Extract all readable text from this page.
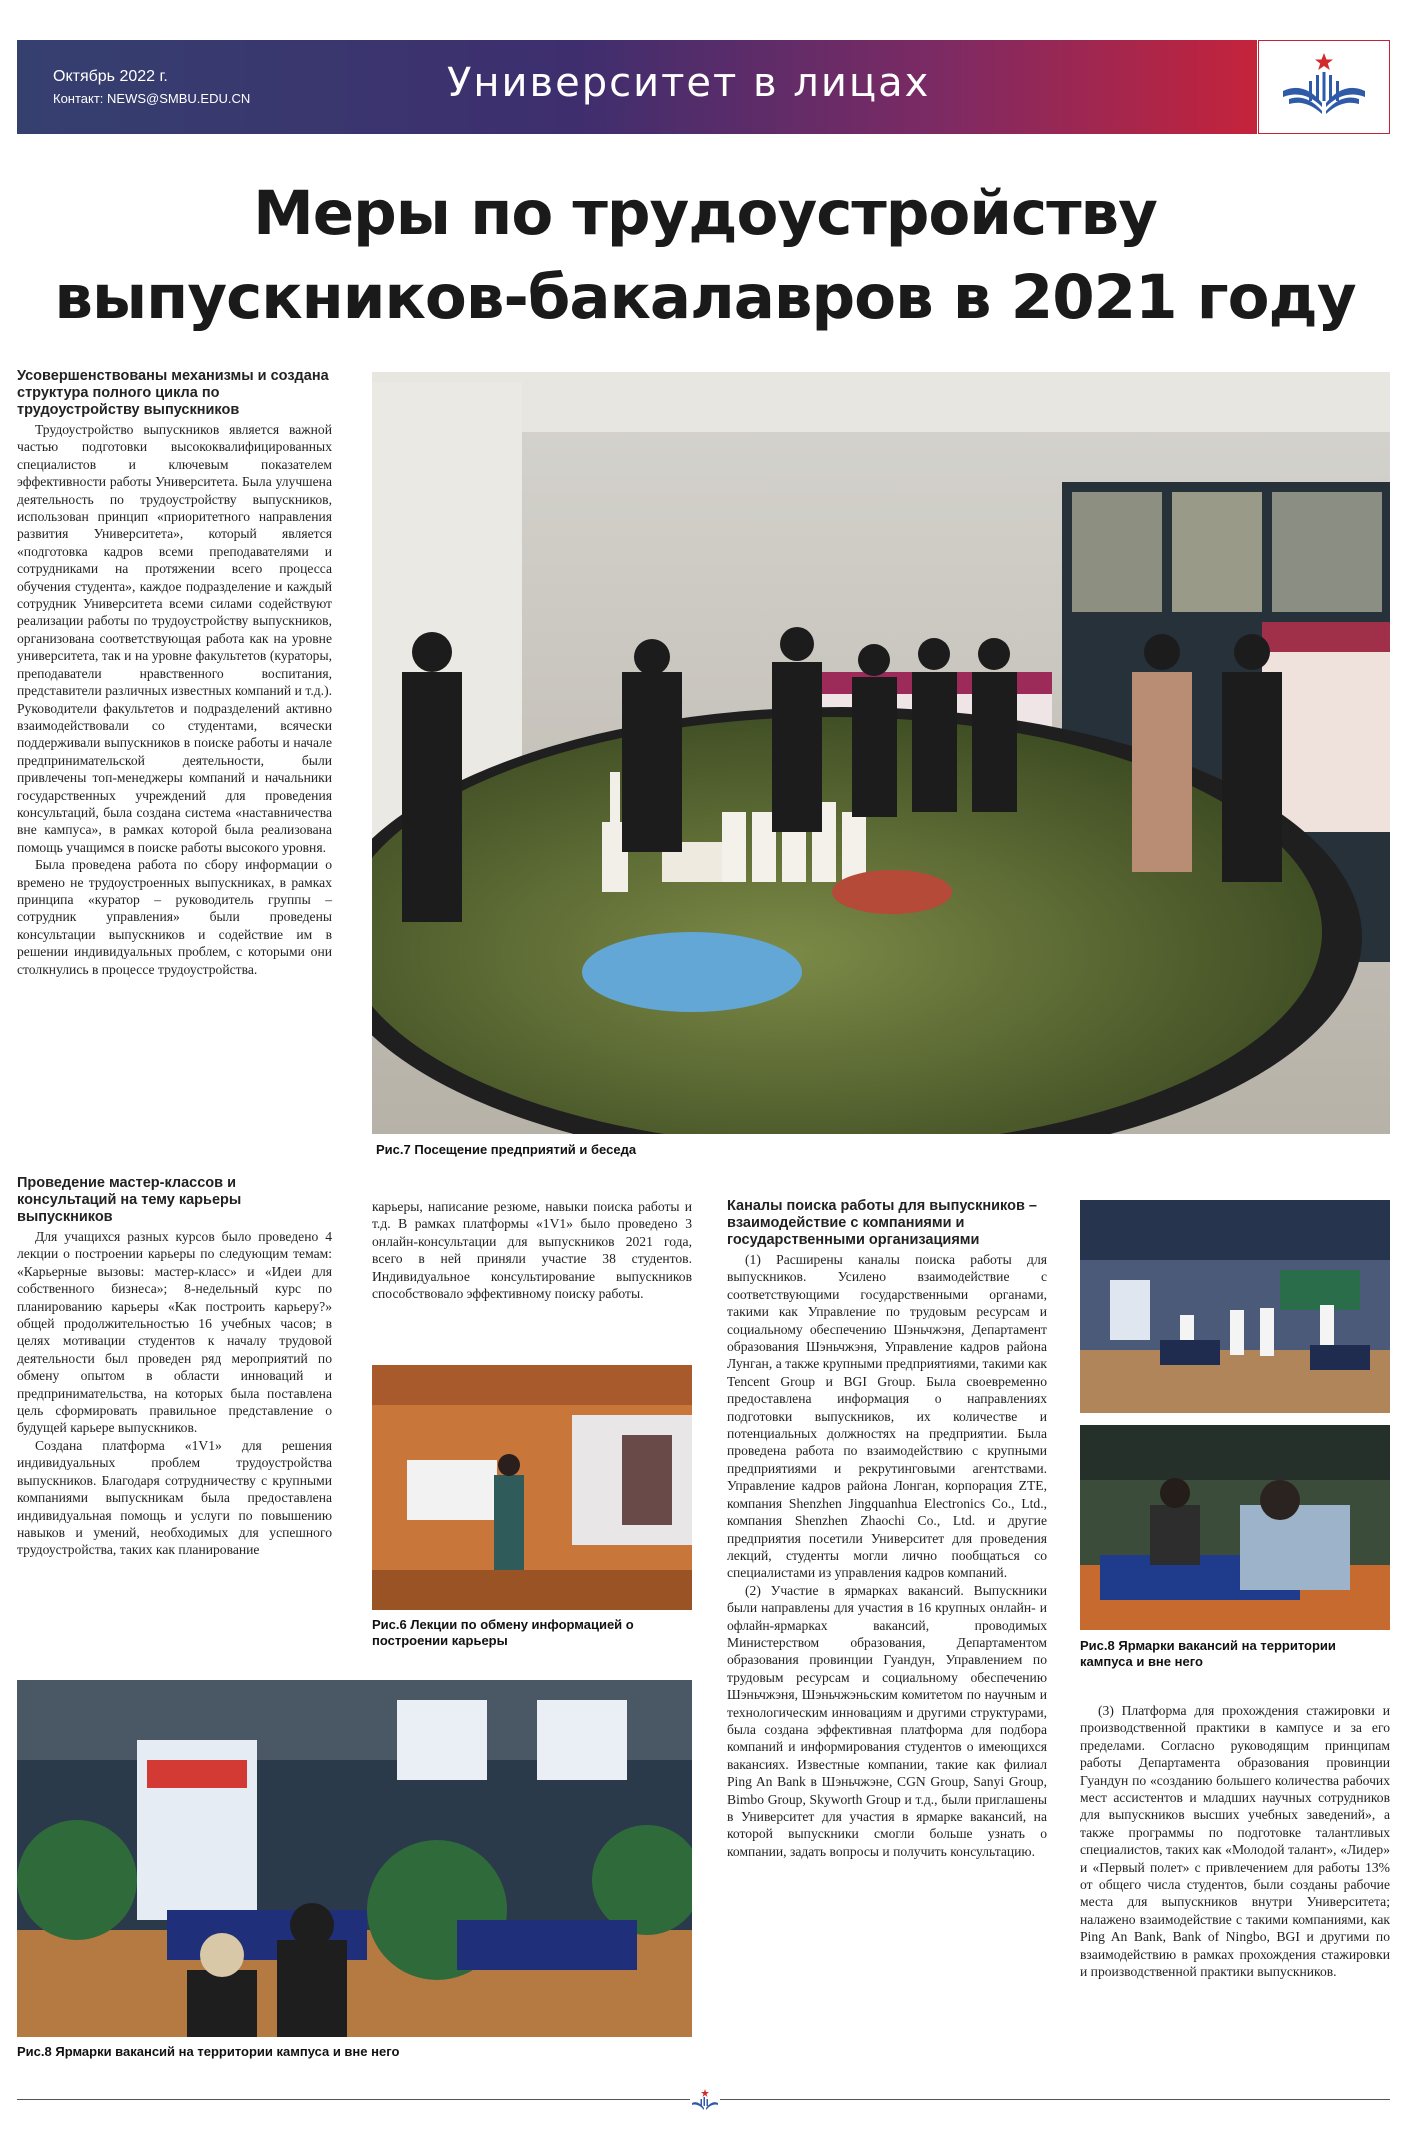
Октябрь 2022 г.
Контакт: NEWS@SMBU.EDU.CN	Университет в лицах
Меры по трудоустройству
выпускников-бакалавров в 2021 году
Усовершенствованы механизмы и создана структура полного цикла по трудоустройству выпускников

Трудоустройство выпускников является важной частью подготовки высококвалифицированных специалистов и ключевым показателем эффективности работы Университета. Была улучшена деятельность по трудоустройству выпускников, использован принцип «приоритетного направления развития Университета», который является «подготовка кадров всеми преподавателями и сотрудниками на протяжении всего процесса обучения студента», каждое подразделение и каждый сотрудник Университета всеми силами содействуют реализации работы по трудоустройству выпускников, организована соответствующая работа как на уровне университета, так и на уровне факультетов (кураторы, преподаватели нравственного воспитания, представители различных известных компаний и т.д.). Руководители факультетов и подразделений активно взаимодействовали со студентами, всячески поддерживали выпускников в поиске работы и начале предпринимательской деятельности, были привлечены топ-менеджеры компаний и начальники государственных учреждений для проведения консультаций, была создана система «наставничества вне кампуса», в рамках которой была реализована помощь учащимся в поиске работы высокого уровня.

Была проведена работа по сбору информации о времено не трудоустроенных выпускниках, в рамках принципа «куратор – руководитель группы – сотрудник управления» были проведены консультации выпускников и содействие им в решении индивидуальных проблем, с которыми они столкнулись в процессе трудоустройства.

Рис.7 Посещение предприятий и беседа
Проведение мастер-классов и консультаций на тему карьеры выпускников

Для учащихся разных курсов было проведено 4 лекции о построении карьеры по следующим темам: «Карьерные вызовы: мастер-класс» и «Идеи для собственного бизнеса»; 8-недельный курс по планированию карьеры «Как построить карьеру?» общей продолжительностью 16 учебных часов; в целях мотивации студентов к началу трудовой деятельности был проведен ряд мероприятий по обмену опытом в области инноваций и предпринимательства, на которых была поставлена цель сформировать правильное представление о будущей карьере выпускников.

Создана платформа «1V1» для решения индивидуальных проблем трудоустройства выпускников. Благодаря сотрудничеству с крупными компаниями выпускникам была предоставлена индивидуальная помощь и услуги по повышению навыков и умений, необходимых для успешного трудоустройства, таких как планирование

карьеры, написание резюме, навыки поиска работы и т.д. В рамках платформы «1V1» было проведено 3 онлайн-консультации для выпускников 2021 года, всего в ней приняли участие 38 студентов. Индивидуальное консультирование выпускников способствовало эффективному поиску работы.

Рис.6 Лекции по обмену информацией о построении карьеры
Каналы поиска работы для выпускников – взаимодействие с компаниями и государственными организациями

(1) Расширены каналы поиска работы для выпускников. Усилено взаимодействие с соответствующими государственными органами, такими как Управление по трудовым ресурсам и социальному обеспечению Шэньчжэня, Департамент образования Шэньчжэня, Управление кадров района Лунган, а также крупными предприятиями, такими как Tencent Group и BGI Group. Была своевременно предоставлена информация о направлениях подготовки выпускников, их количестве и потенциальных должностях на предприятии. Была проведена работа по взаимодействию с крупными предприятиями и рекрутинговыми агентствами. Управление кадров района Лонган, корпорация ZTE, компания Shenzhen Jingquanhua Electronics Co., Ltd., компания Shenzhen Zhaochi Co., Ltd. и другие предприятия посетили Университет для проведения лекций, студенты могли лично пообщаться со специалистами из управления кадров компаний.

(2) Участие в ярмарках вакансий. Выпускники были направлены для участия в 16 крупных онлайн- и офлайн-ярмарках вакансий, проводимых Министерством образования, Департаментом образования провинции Гуандун, Управлением по трудовым ресурсам и социальному обеспечению Шэньчжэня, Шэньчжэньским комитетом по научным и технологическим инновациям и другими структурами, была создана эффективная платформа для подбора компаний и информирования студентов о имеющихся вакансиях. Известные компании, такие как филиал Ping An Bank в Шэньчжэне, CGN Group, Sanyi Group, Bimbo Group, Skyworth Group и т.д., были приглашены в Университет для участия в ярмарке вакансий, на которой выпускники смогли больше узнать о компании, задать вопросы и получить консультацию.

Рис.8 Ярмарки вакансий на территории кампуса и вне него

(3) Платформа для прохождения стажировки и производственной практики в кампусе и за его пределами. Согласно руководящим принципам работы Департамента образования провинции Гуандун по «созданию большего количества рабочих мест ассистентов и младших научных сотрудников для выпускников высших учебных заведений», а также программы по подготовке талантливых специалистов, таких как «Молодой талант», «Лидер» и «Первый полет» с привлечением для работы 13% от общего числа студентов, были созданы рабочие места для выпускников внутри Университета; налажено взаимодействие с такими компаниями, как Ping An Bank, Bank of Ningbo, BGI и другими по взаимодействию в рамках прохождения стажировки и производственной практики выпускников.

Рис.8 Ярмарки вакансий на территории кампуса и вне него
